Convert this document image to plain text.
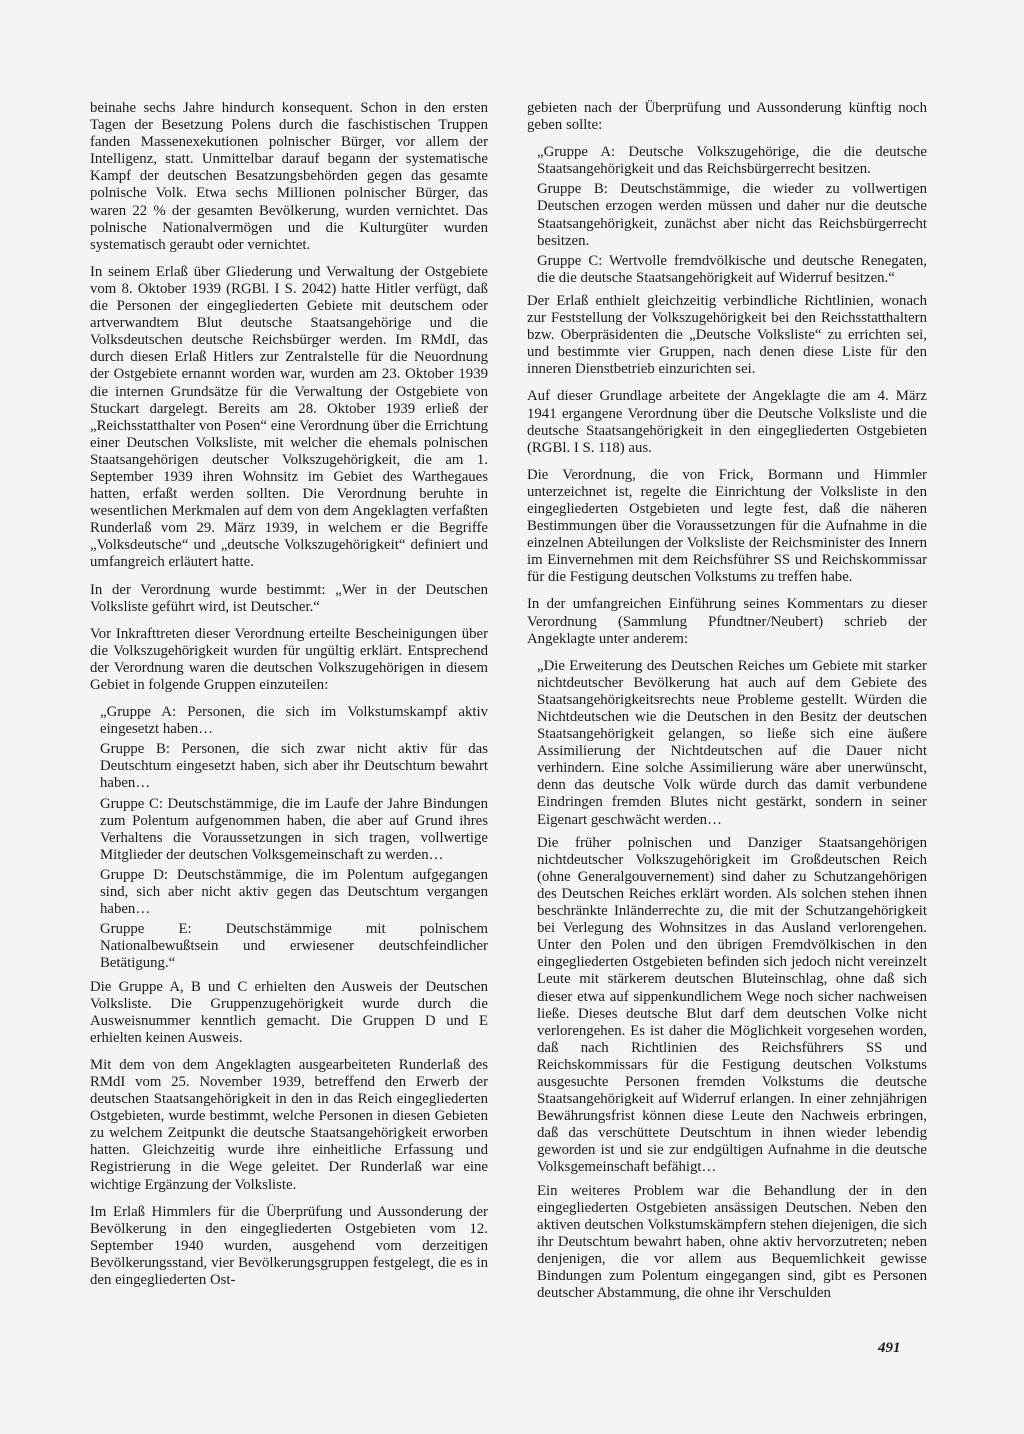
beinahe sechs Jahre hindurch konsequent. Schon in den ersten Tagen der Besetzung Polens durch die faschistischen Truppen fanden Massenexekutionen polnischer Bürger, vor allem der Intelligenz, statt. Unmittelbar darauf begann der systematische Kampf der deutschen Besatzungsbehörden gegen das gesamte polnische Volk. Etwa sechs Millionen polnischer Bürger, das waren 22 % der gesamten Bevölkerung, wurden vernichtet. Das polnische Nationalvermögen und die Kulturgüter wurden systematisch geraubt oder vernichtet.

In seinem Erlaß über Gliederung und Verwaltung der Ostgebiete vom 8. Oktober 1939 (RGBl. I S. 2042) hatte Hitler verfügt, daß die Personen der eingegliederten Gebiete mit deutschem oder artverwandtem Blut deutsche Staatsangehörige und die Volksdeutschen deutsche Reichsbürger werden. Im RMdI, das durch diesen Erlaß Hitlers zur Zentralstelle für die Neuordnung der Ostgebiete ernannt worden war, wurden am 23. Oktober 1939 die internen Grundsätze für die Verwaltung der Ostgebiete von Stuckart dargelegt. Bereits am 28. Oktober 1939 erließ der „Reichsstatthalter von Posen“ eine Verordnung über die Errichtung einer Deutschen Volksliste, mit welcher die ehemals polnischen Staatsangehörigen deutscher Volkszugehörigkeit, die am 1. September 1939 ihren Wohnsitz im Gebiet des Warthegaues hatten, erfaßt werden sollten. Die Verordnung beruhte in wesentlichen Merkmalen auf dem von dem Angeklagten verfaßten Runderlaß vom 29. März 1939, in welchem er die Begriffe „Volksdeutsche“ und „deutsche Volkszugehörigkeit“ definiert und umfangreich erläutert hatte.

In der Verordnung wurde bestimmt: „Wer in der Deutschen Volksliste geführt wird, ist Deutscher.“

Vor Inkrafttreten dieser Verordnung erteilte Bescheinigungen über die Volkszugehörigkeit wurden für ungültig erklärt. Entsprechend der Verordnung waren die deutschen Volkszugehörigen in diesem Gebiet in folgende Gruppen einzuteilen:

„Gruppe A: Personen, die sich im Volkstumskampf aktiv eingesetzt haben…

Gruppe B: Personen, die sich zwar nicht aktiv für das Deutschtum eingesetzt haben, sich aber ihr Deutschtum bewahrt haben…

Gruppe C: Deutschstämmige, die im Laufe der Jahre Bindungen zum Polentum aufgenommen haben, die aber auf Grund ihres Verhaltens die Voraussetzungen in sich tragen, vollwertige Mitglieder der deutschen Volksgemeinschaft zu werden…

Gruppe D: Deutschstämmige, die im Polentum aufgegangen sind, sich aber nicht aktiv gegen das Deutschtum vergangen haben…

Gruppe E: Deutschstämmige mit polnischem Nationalbewußtsein und erwiesener deutschfeindlicher Betätigung.“

Die Gruppe A, B und C erhielten den Ausweis der Deutschen Volksliste. Die Gruppenzugehörigkeit wurde durch die Ausweisnummer kenntlich gemacht. Die Gruppen D und E erhielten keinen Ausweis.

Mit dem von dem Angeklagten ausgearbeiteten Runderlaß des RMdI vom 25. November 1939, betreffend den Erwerb der deutschen Staatsangehörigkeit in den in das Reich eingegliederten Ostgebieten, wurde bestimmt, welche Personen in diesen Gebieten zu welchem Zeitpunkt die deutsche Staatsangehörigkeit erworben hatten. Gleichzeitig wurde ihre einheitliche Erfassung und Registrierung in die Wege geleitet. Der Runderlaß war eine wichtige Ergänzung der Volksliste.

Im Erlaß Himmlers für die Überprüfung und Aussonderung der Bevölkerung in den eingegliederten Ostgebieten vom 12. September 1940 wurden, ausgehend vom derzeitigen Bevölkerungsstand, vier Bevölkerungsgruppen festgelegt, die es in den eingegliederten Ost-

gebieten nach der Überprüfung und Aussonderung künftig noch geben sollte:

„Gruppe A: Deutsche Volkszugehörige, die die deutsche Staatsangehörigkeit und das Reichsbürgerrecht besitzen.

Gruppe B: Deutschstämmige, die wieder zu vollwertigen Deutschen erzogen werden müssen und daher nur die deutsche Staatsangehörigkeit, zunächst aber nicht das Reichsbürgerrecht besitzen.

Gruppe C: Wertvolle fremdvölkische und deutsche Renegaten, die die deutsche Staatsangehörigkeit auf Widerruf besitzen.“

Der Erlaß enthielt gleichzeitig verbindliche Richtlinien, wonach zur Feststellung der Volkszugehörigkeit bei den Reichsstatthaltern bzw. Oberpräsidenten die „Deutsche Volksliste“ zu errichten sei, und bestimmte vier Gruppen, nach denen diese Liste für den inneren Dienstbetrieb einzurichten sei.

Auf dieser Grundlage arbeitete der Angeklagte die am 4. März 1941 ergangene Verordnung über die Deutsche Volksliste und die deutsche Staatsangehörigkeit in den eingegliederten Ostgebieten (RGBl. I S. 118) aus.

Die Verordnung, die von Frick, Bormann und Himmler unterzeichnet ist, regelte die Einrichtung der Volksliste in den eingegliederten Ostgebieten und legte fest, daß die näheren Bestimmungen über die Voraussetzungen für die Aufnahme in die einzelnen Abteilungen der Volksliste der Reichsminister des Innern im Einvernehmen mit dem Reichsführer SS und Reichskommissar für die Festigung deutschen Volkstums zu treffen habe.

In der umfangreichen Einführung seines Kommentars zu dieser Verordnung (Sammlung Pfundtner/Neubert) schrieb der Angeklagte unter anderem:

„Die Erweiterung des Deutschen Reiches um Gebiete mit starker nichtdeutscher Bevölkerung hat auch auf dem Gebiete des Staatsangehörigkeitsrechts neue Probleme gestellt. Würden die Nichtdeutschen wie die Deutschen in den Besitz der deutschen Staatsangehörigkeit gelangen, so ließe sich eine äußere Assimilierung der Nichtdeutschen auf die Dauer nicht verhindern. Eine solche Assimilierung wäre aber unerwünscht, denn das deutsche Volk würde durch das damit verbundene Eindringen fremden Blutes nicht gestärkt, sondern in seiner Eigenart geschwächt werden…

Die früher polnischen und Danziger Staatsangehörigen nichtdeutscher Volkszugehörigkeit im Großdeutschen Reich (ohne Generalgouvernement) sind daher zu Schutzangehörigen des Deutschen Reiches erklärt worden. Als solchen stehen ihnen beschränkte Inländerrechte zu, die mit der Schutzangehörigkeit bei Verlegung des Wohnsitzes in das Ausland verlorengehen. Unter den Polen und den übrigen Fremdvölkischen in den eingegliederten Ostgebieten befinden sich jedoch nicht vereinzelt Leute mit stärkerem deutschen Bluteinschlag, ohne daß sich dieser etwa auf sippenkundlichem Wege noch sicher nachweisen ließe. Dieses deutsche Blut darf dem deutschen Volke nicht verlorengehen. Es ist daher die Möglichkeit vorgesehen worden, daß nach Richtlinien des Reichsführers SS und Reichskommissars für die Festigung deutschen Volkstums ausgesuchte Personen fremden Volkstums die deutsche Staatsangehörigkeit auf Widerruf erlangen. In einer zehnjährigen Bewährungsfrist können diese Leute den Nachweis erbringen, daß das verschüttete Deutschtum in ihnen wieder lebendig geworden ist und sie zur endgültigen Aufnahme in die deutsche Volksgemeinschaft befähigt…

Ein weiteres Problem war die Behandlung der in den eingegliederten Ostgebieten ansässigen Deutschen. Neben den aktiven deutschen Volkstumskämpfern stehen diejenigen, die sich ihr Deutschtum bewahrt haben, ohne aktiv hervorzutreten; neben denjenigen, die vor allem aus Bequemlichkeit gewisse Bindungen zum Polentum eingegangen sind, gibt es Personen deutscher Abstammung, die ohne ihr Verschulden

491
